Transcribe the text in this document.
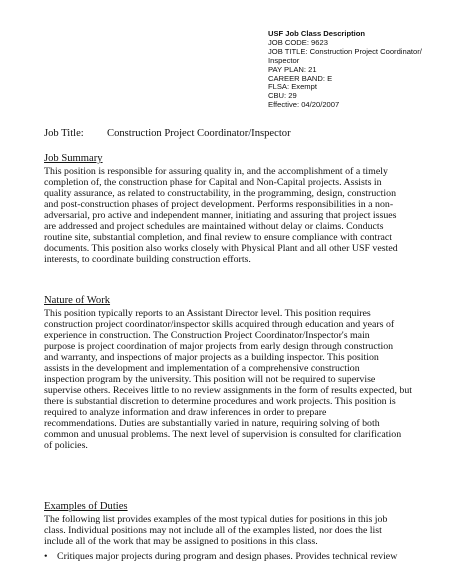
USF Job Class Description
JOB CODE: 9623
JOB TITLE: Construction Project Coordinator/
Inspector
PAY PLAN: 21
CAREER BAND: E
FLSA: Exempt
CBU: 29
Effective: 04/20/2007
Job Title: Construction Project Coordinator/Inspector
Job Summary
This position is responsible for assuring quality in, and the accomplishment of a timely
completion of, the construction phase for Capital and Non-Capital projects. Assists in
quality assurance, as related to constructability, in the programming, design, construction
and post-construction phases of project development. Performs responsibilities in a non-
adversarial, pro active and independent manner, initiating and assuring that project issues
are addressed and project schedules are maintained without delay or claims. Conducts
routine site, substantial completion, and final review to ensure compliance with contract
documents. This position also works closely with Physical Plant and all other USF vested
interests, to coordinate building construction efforts.
Nature of Work
This position typically reports to an Assistant Director level. This position requires
construction project coordinator/inspector skills acquired through education and years of
experience in construction. The Construction Project Coordinator/Inspector's main
purpose is project coordination of major projects from early design through construction
and warranty, and inspections of major projects as a building inspector. This position
assists in the development and implementation of a comprehensive construction
inspection program by the university. This position will not be required to supervise
supervise others. Receives little to no review assignments in the form of results expected, but
there is substantial discretion to determine procedures and work projects. This position is
required to analyze information and draw inferences in order to prepare
recommendations. Duties are substantially varied in nature, requiring solving of both
common and unusual problems. The next level of supervision is consulted for clarification
of policies.
Examples of Duties
The following list provides examples of the most typical duties for positions in this job
class. Individual positions may not include all of the examples listed, nor does the list
include all of the work that may be assigned to positions in this class.
• Critiques major projects during program and design phases. Provides technical review
